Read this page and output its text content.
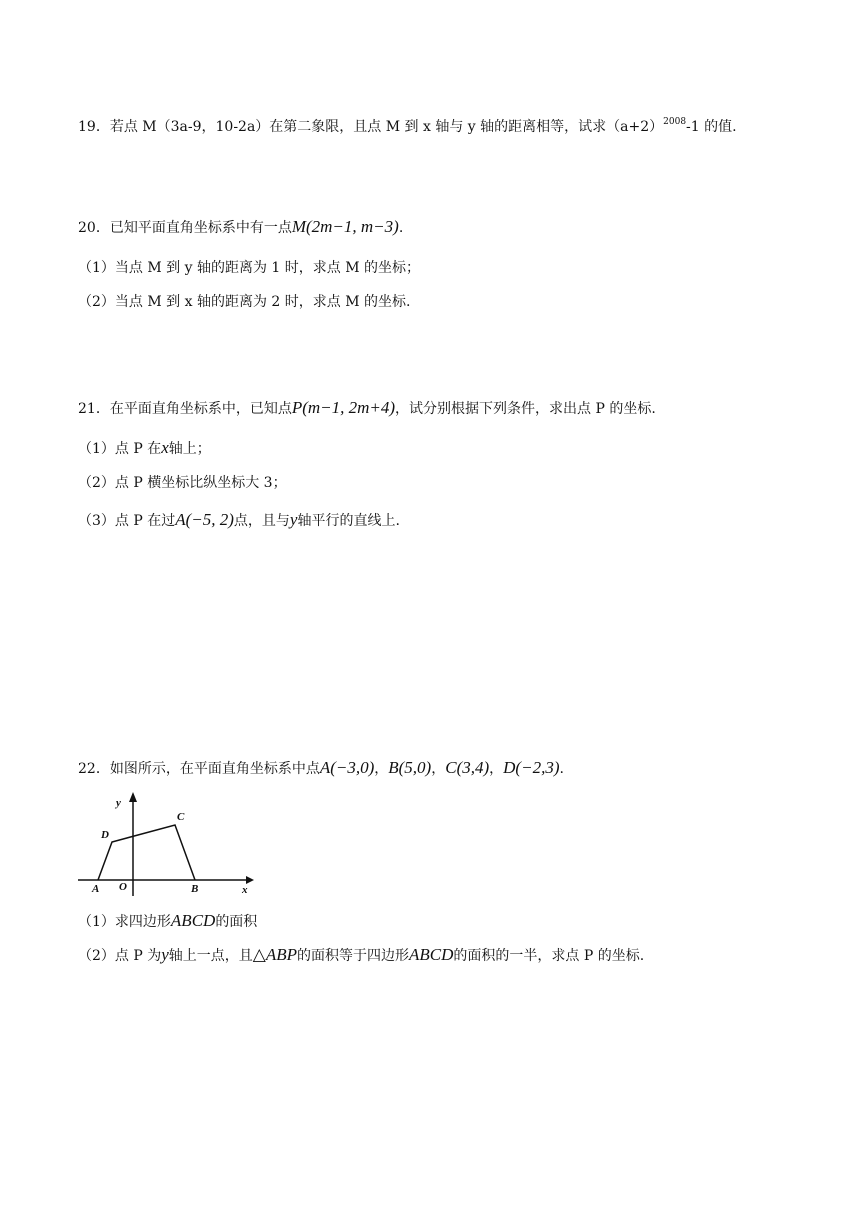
19．若点 M（3a-9，10-2a）在第二象限，且点 M 到 x 轴与 y 轴的距离相等，试求$(a+2)^{2008}-1$ 的值.
20．已知平面直角坐标系中有一点M(2m−1, m−3).
（1）当点 M 到 y 轴的距离为 1 时，求点 M 的坐标；
（2）当点 M 到 x 轴的距离为 2 时，求点 M 的坐标.
21．在平面直角坐标系中，已知点P(m−1, 2m+4)，试分别根据下列条件，求出点 P 的坐标.
（1）点 P 在x轴上；
（2）点 P 横坐标比纵坐标大 3；
（3）点 P 在过A(−5, 2)点，且与y轴平行的直线上.
22．如图所示，在平面直角坐标系中点A(−3,0)，B(5,0)，C(3,4)，D(−2,3).
y
x
O
A	B
C
D
（1）求四边形ABCD的面积
（2）点 P 为y轴上一点，且△ABP的面积等于四边形ABCD的面积的一半，求点 P 的坐标.
